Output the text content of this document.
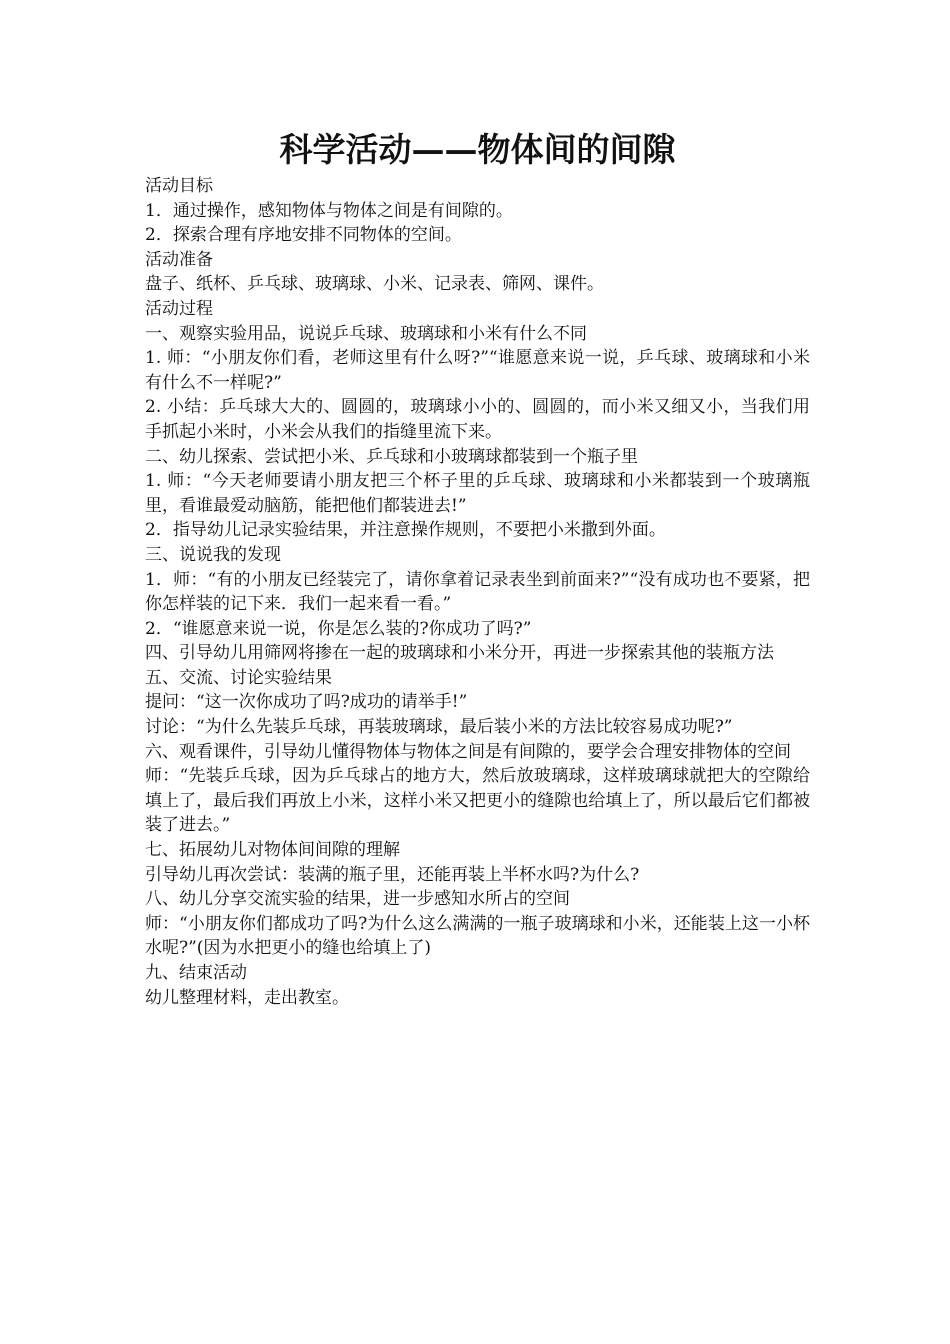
科学活动——物体间的间隙

活动目标

1．通过操作，感知物体与物体之间是有间隙的。

2．探索合理有序地安排不同物体的空间。

活动准备

盘子、纸杯、乒乓球、玻璃球、小米、记录表、筛网、课件。

活动过程

一、观察实验用品，说说乒乓球、玻璃球和小米有什么不同

1. 师：“小朋友你们看，老师这里有什么呀?”“谁愿意来说一说，乒乓球、玻璃球和小米有什么不一样呢?”

2. 小结：乒乓球大大的、圆圆的，玻璃球小小的、圆圆的，而小米又细又小，当我们用手抓起小米时，小米会从我们的指缝里流下来。

二、幼儿探索、尝试把小米、乒乓球和小玻璃球都装到一个瓶子里

1. 师：“今天老师要请小朋友把三个杯子里的乒乓球、玻璃球和小米都装到一个玻璃瓶里，看谁最爱动脑筋，能把他们都装进去!”

2．指导幼儿记录实验结果，并注意操作规则，不要把小米撒到外面。

三、说说我的发现

1．师：“有的小朋友已经装完了，请你拿着记录表坐到前面来?”“没有成功也不要紧，把你怎样装的记下来．我们一起来看一看。”

2．“谁愿意来说一说，你是怎么装的?你成功了吗?”

四、引导幼儿用筛网将掺在一起的玻璃球和小米分开，再进一步探索其他的装瓶方法

五、交流、讨论实验结果

提问：“这一次你成功了吗?成功的请举手!”

讨论：“为什么先装乒乓球，再装玻璃球，最后装小米的方法比较容易成功呢?”

六、观看课件，引导幼儿懂得物体与物体之间是有间隙的，要学会合理安排物体的空间

师：“先装乒乓球，因为乒乓球占的地方大，然后放玻璃球，这样玻璃球就把大的空隙给填上了，最后我们再放上小米，这样小米又把更小的缝隙也给填上了，所以最后它们都被装了进去。”

七、拓展幼儿对物体间间隙的理解

引导幼儿再次尝试：装满的瓶子里，还能再装上半杯水吗?为什么?

八、幼儿分享交流实验的结果，进一步感知水所占的空间

师：“小朋友你们都成功了吗?为什么这么满满的一瓶子玻璃球和小米，还能装上这一小杯水呢?”(因为水把更小的缝也给填上了)

九、结束活动

幼儿整理材料，走出教室。
